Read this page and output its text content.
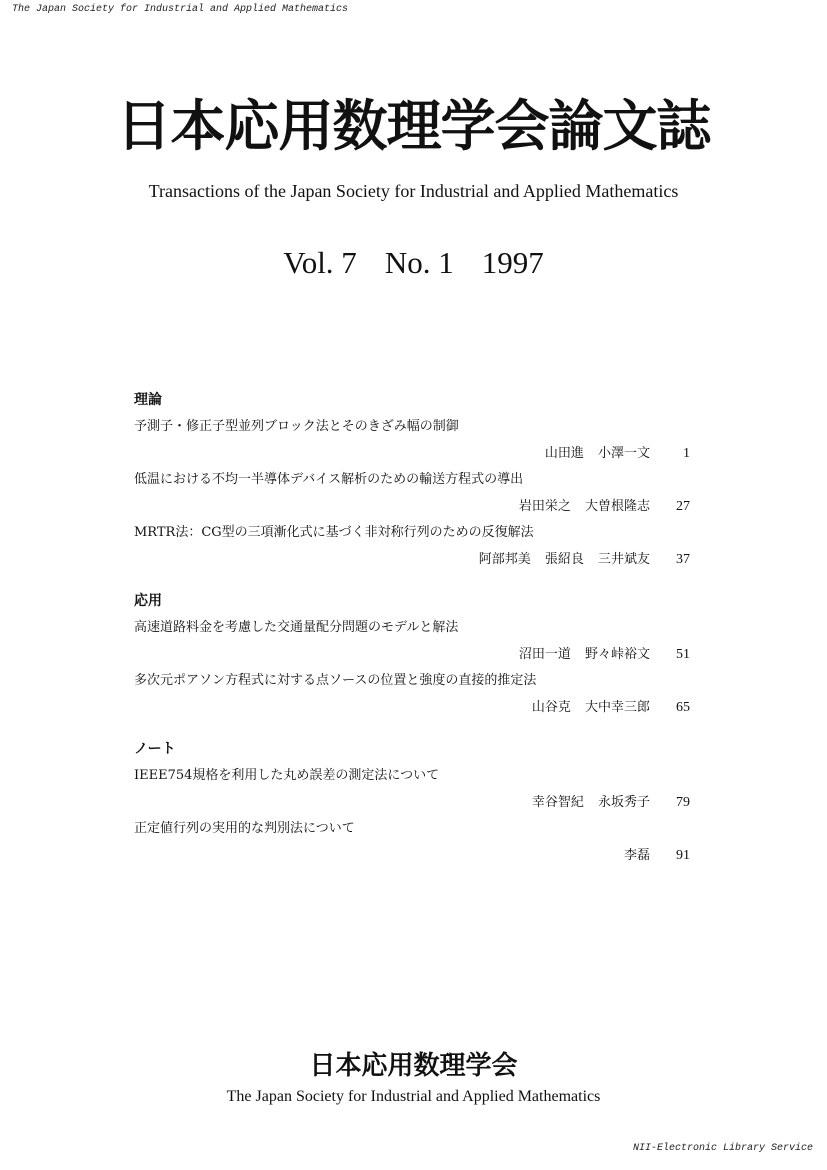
The Japan Society for Industrial and Applied Mathematics
日本応用数理学会論文誌
Transactions of the Japan Society for Industrial and Applied Mathematics
Vol. 7 No. 1 1997
理論
予測子・修正子型並列ブロック法とそのきざみ幅の制御
山田進 小澤一文	1
低温における不均一半導体デバイス解析のための輸送方程式の導出
岩田栄之 大曽根隆志	27
MRTR法：CG型の三項漸化式に基づく非対称行列のための反復解法
阿部邦美 張紹良 三井斌友	37
応用
高速道路料金を考慮した交通量配分問題のモデルと解法
沼田一道 野々峠裕文	51
多次元ポアソン方程式に対する点ソースの位置と強度の直接的推定法
山谷克 大中幸三郎	65
ノート
IEEE754規格を利用した丸め誤差の測定法について
幸谷智紀 永坂秀子	79
正定値行列の実用的な判別法について
李磊	91
日本応用数理学会
The Japan Society for Industrial and Applied Mathematics
NII-Electronic Library Service
